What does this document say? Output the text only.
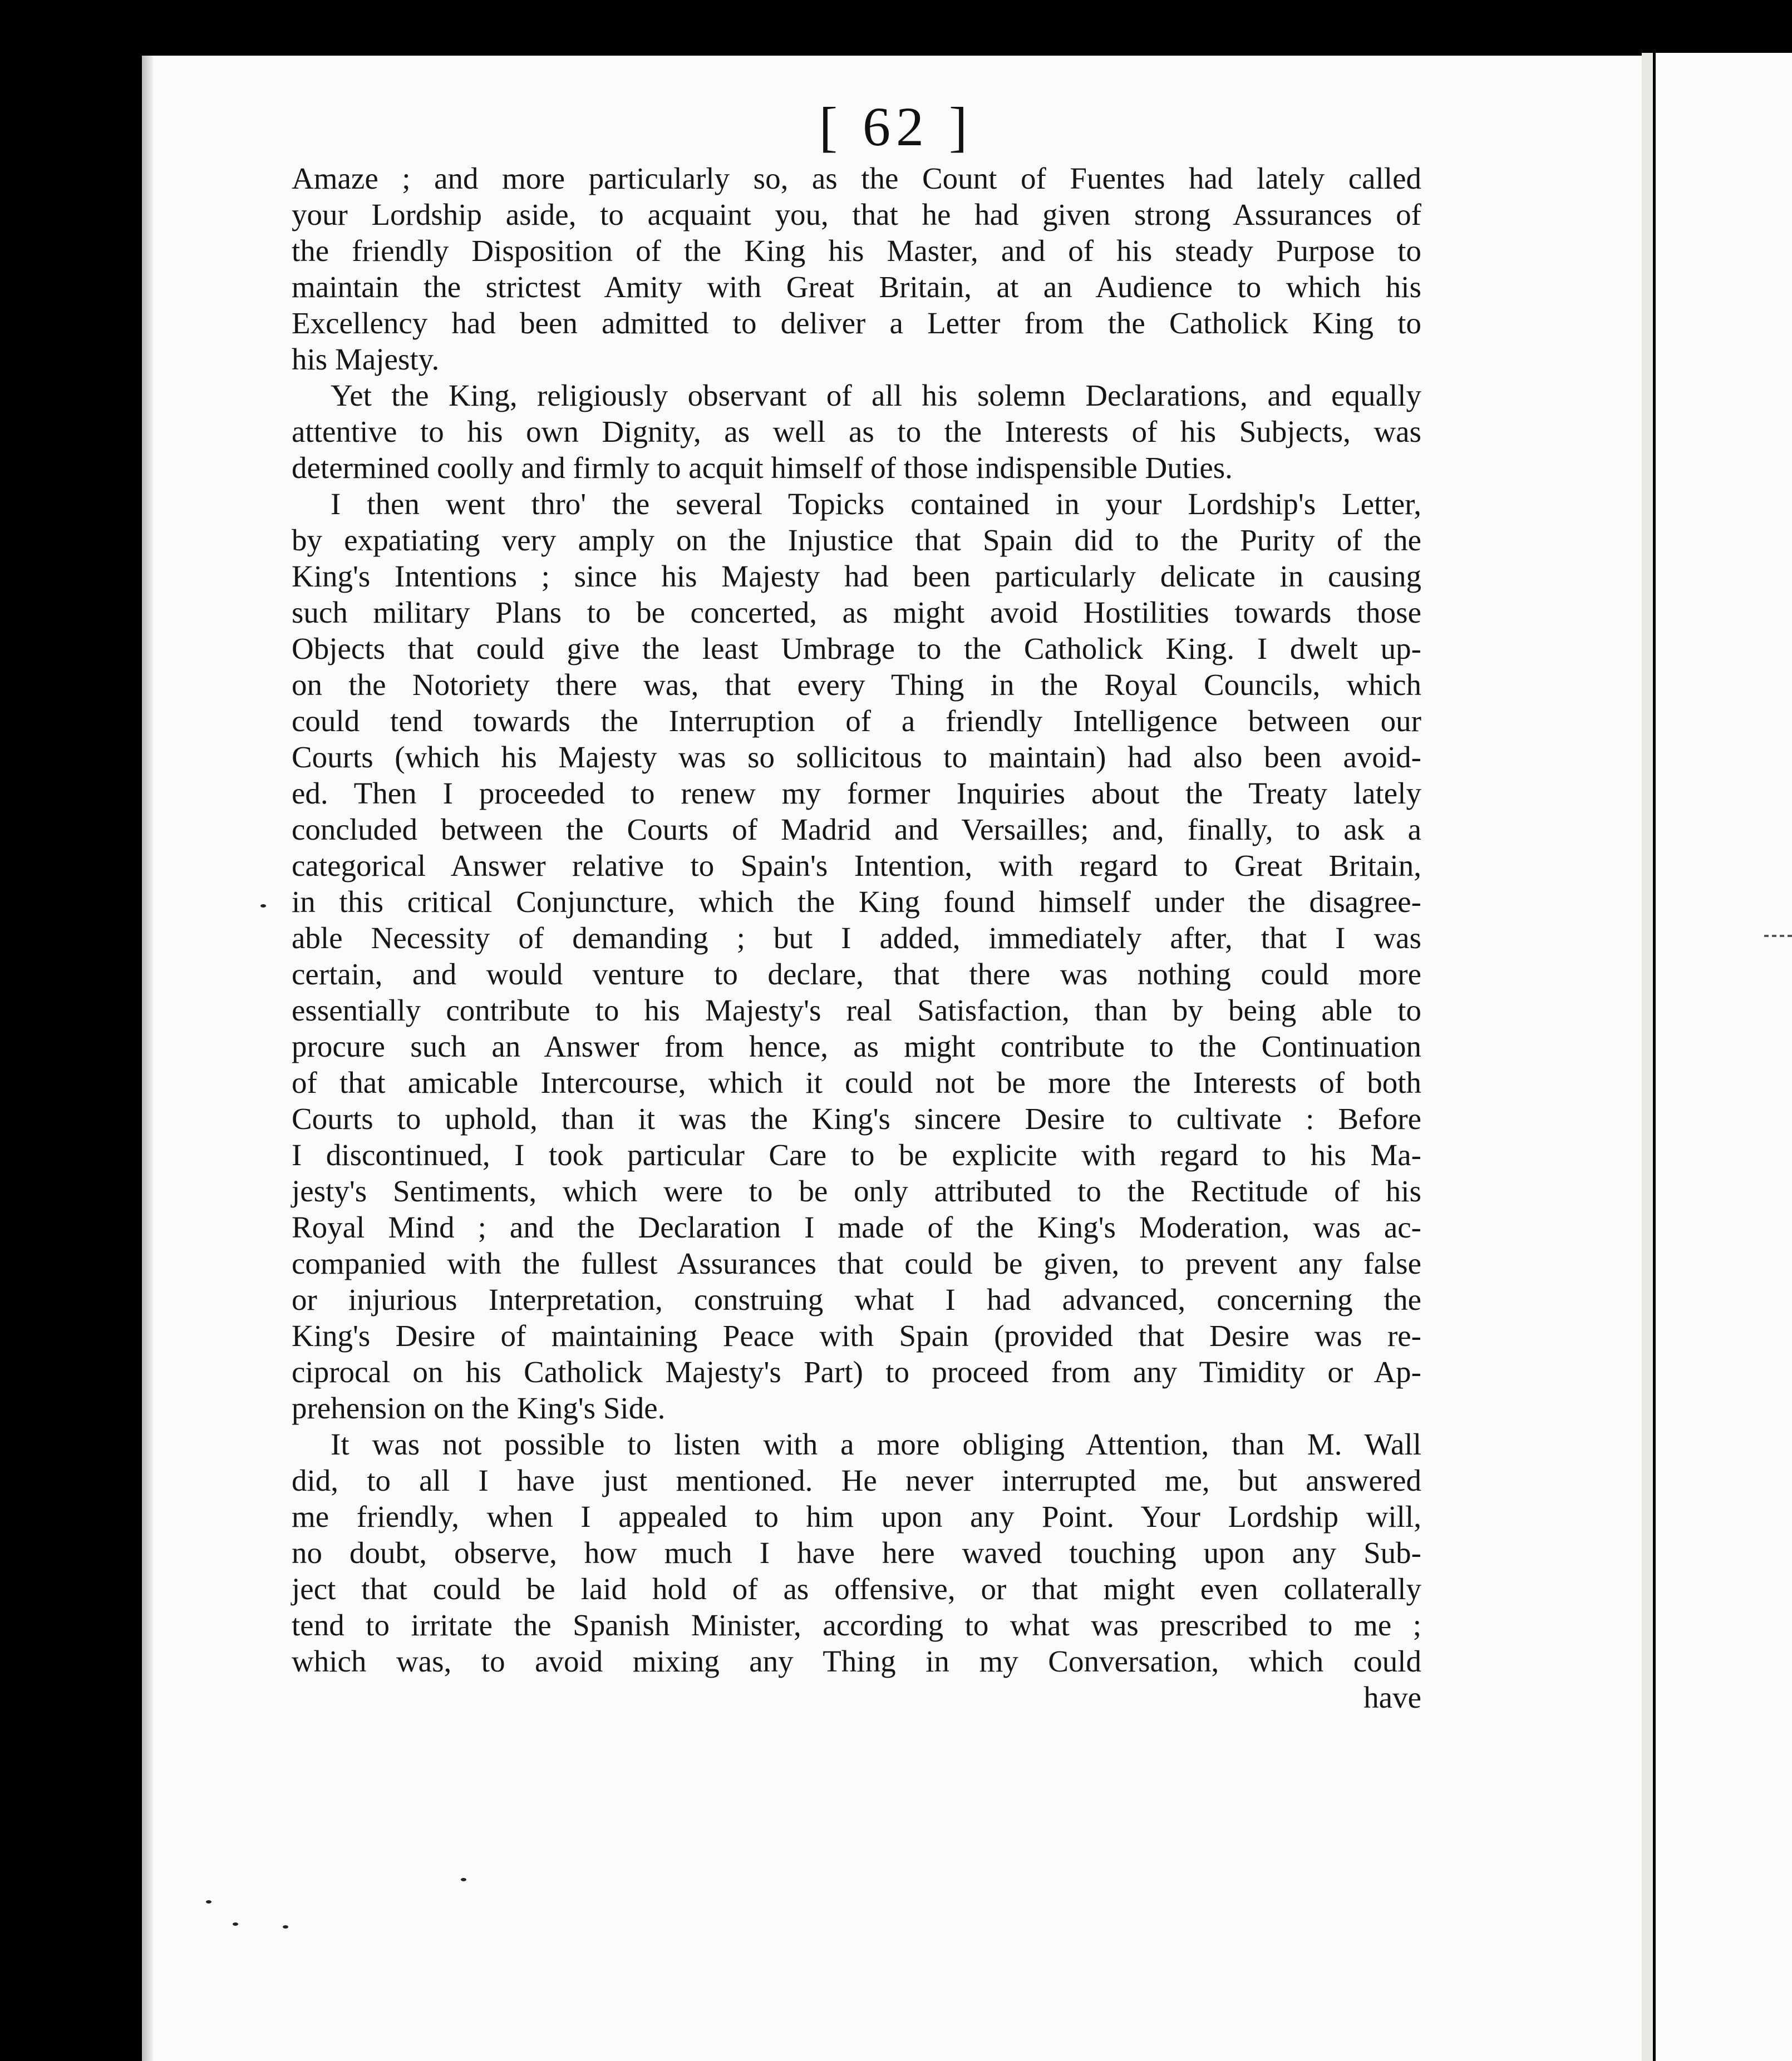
[ 62 ]
Amaze ; and more particularly so, as the Count of Fuentes had lately called
your Lordship aside, to acquaint you, that he had given strong Assurances of
the friendly Disposition of the King his Master, and of his steady Purpose to
maintain the strictest Amity with Great Britain, at an Audience to which his
Excellency had been admitted to deliver a Letter from the Catholick King to
his Majesty.
Yet the King, religiously observant of all his solemn Declarations, and equally
attentive to his own Dignity, as well as to the Interests of his Subjects, was
determined coolly and firmly to acquit himself of those indispensible Duties.
I then went thro' the several Topicks contained in your Lordship's Letter,
by expatiating very amply on the Injustice that Spain did to the Purity of the
King's Intentions ; since his Majesty had been particularly delicate in causing
such military Plans to be concerted, as might avoid Hostilities towards those
Objects that could give the least Umbrage to the Catholick King. I dwelt up-
on the Notoriety there was, that every Thing in the Royal Councils, which
could tend towards the Interruption of a friendly Intelligence between our
Courts (which his Majesty was so sollicitous to maintain) had also been avoid-
ed. Then I proceeded to renew my former Inquiries about the Treaty lately
concluded between the Courts of Madrid and Versailles; and, finally, to ask a
categorical Answer relative to Spain's Intention, with regard to Great Britain,
in this critical Conjuncture, which the King found himself under the disagree-
able Necessity of demanding ; but I added, immediately after, that I was
certain, and would venture to declare, that there was nothing could more
essentially contribute to his Majesty's real Satisfaction, than by being able to
procure such an Answer from hence, as might contribute to the Continuation
of that amicable Intercourse, which it could not be more the Interests of both
Courts to uphold, than it was the King's sincere Desire to cultivate : Before
I discontinued, I took particular Care to be explicite with regard to his Ma-
jesty's Sentiments, which were to be only attributed to the Rectitude of his
Royal Mind ; and the Declaration I made of the King's Moderation, was ac-
companied with the fullest Assurances that could be given, to prevent any false
or injurious Interpretation, construing what I had advanced, concerning the
King's Desire of maintaining Peace with Spain (provided that Desire was re-
ciprocal on his Catholick Majesty's Part) to proceed from any Timidity or Ap-
prehension on the King's Side.
It was not possible to listen with a more obliging Attention, than M. Wall
did, to all I have just mentioned. He never interrupted me, but answered
me friendly, when I appealed to him upon any Point. Your Lordship will,
no doubt, observe, how much I have here waved touching upon any Sub-
ject that could be laid hold of as offensive, or that might even collaterally
tend to irritate the Spanish Minister, according to what was prescribed to me ;
which was, to avoid mixing any Thing in my Conversation, which could
have
